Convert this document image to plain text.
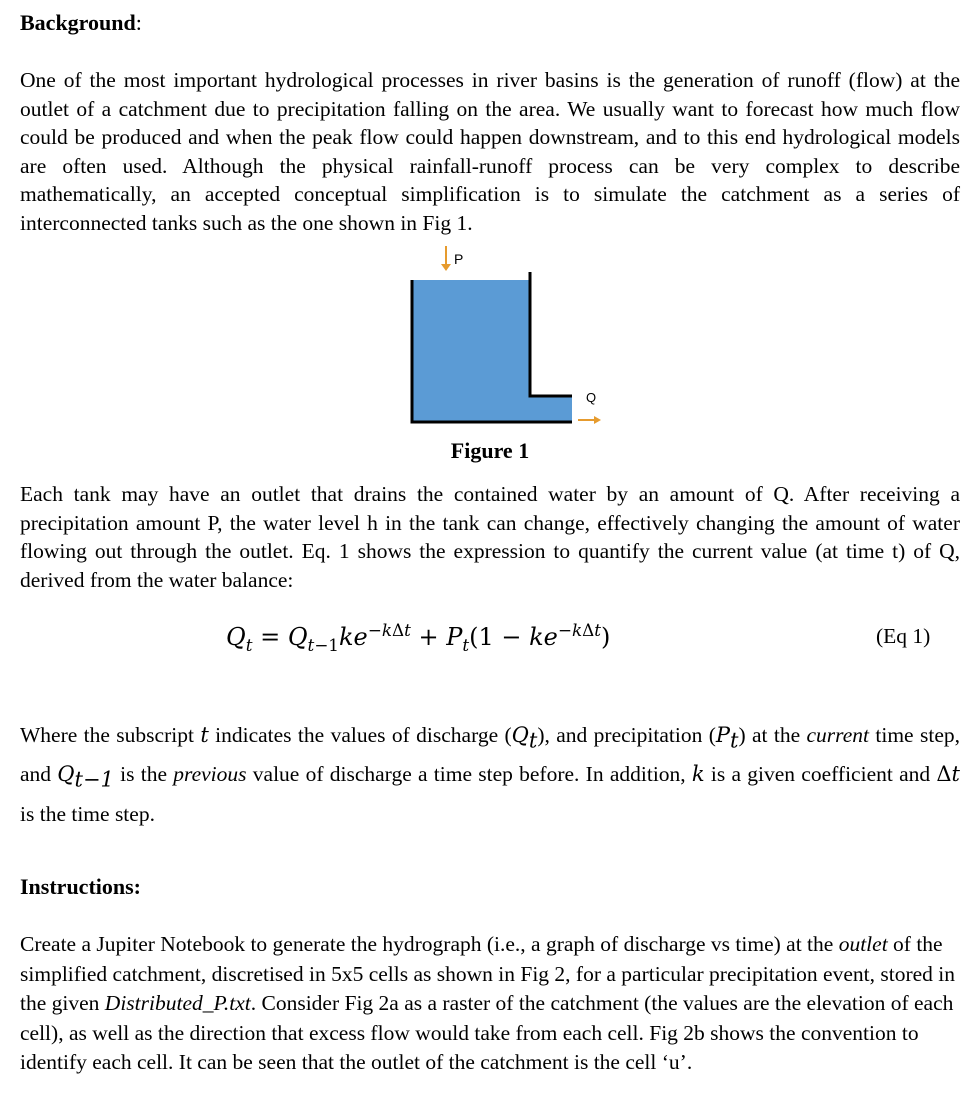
Background:

One of the most important hydrological processes in river basins is the generation of runoff (flow) at the outlet of a catchment due to precipitation falling on the area. We usually want to forecast how much flow could be produced and when the peak flow could happen downstream, and to this end hydrological models are often used. Although the physical rainfall-runoff process can be very complex to describe mathematically, an accepted conceptual simplification is to simulate the catchment as a series of interconnected tanks such as the one shown in Fig 1.

P
Q
Figure 1

Each tank may have an outlet that drains the contained water by an amount of Q. After receiving a precipitation amount P, the water level h in the tank can change, effectively changing the amount of water flowing out through the outlet. Eq. 1 shows the expression to quantify the current value (at time t) of Q, derived from the water balance:

$Q_t = Q_{t-1}ke^{-k\Delta t} + P_t(1 - ke^{-k\Delta t})$	(Eq 1)

Where the subscript t indicates the values of discharge $(Q_t)$, and precipitation $(P_t)$ at the current time step, and $Q_{t-1}$ is the previous value of discharge a time step before. In addition, k is a given coefficient and Δt is the time step.

Instructions:

Create a Jupiter Notebook to generate the hydrograph (i.e., a graph of discharge vs time) at the outlet of the simplified catchment, discretised in 5x5 cells as shown in Fig 2, for a particular precipitation event, stored in the given Distributed_P.txt. Consider Fig 2a as a raster of the catchment (the values are the elevation of each cell), as well as the direction that excess flow would take from each cell. Fig 2b shows the convention to identify each cell. It can be seen that the outlet of the catchment is the cell ‘u’.
